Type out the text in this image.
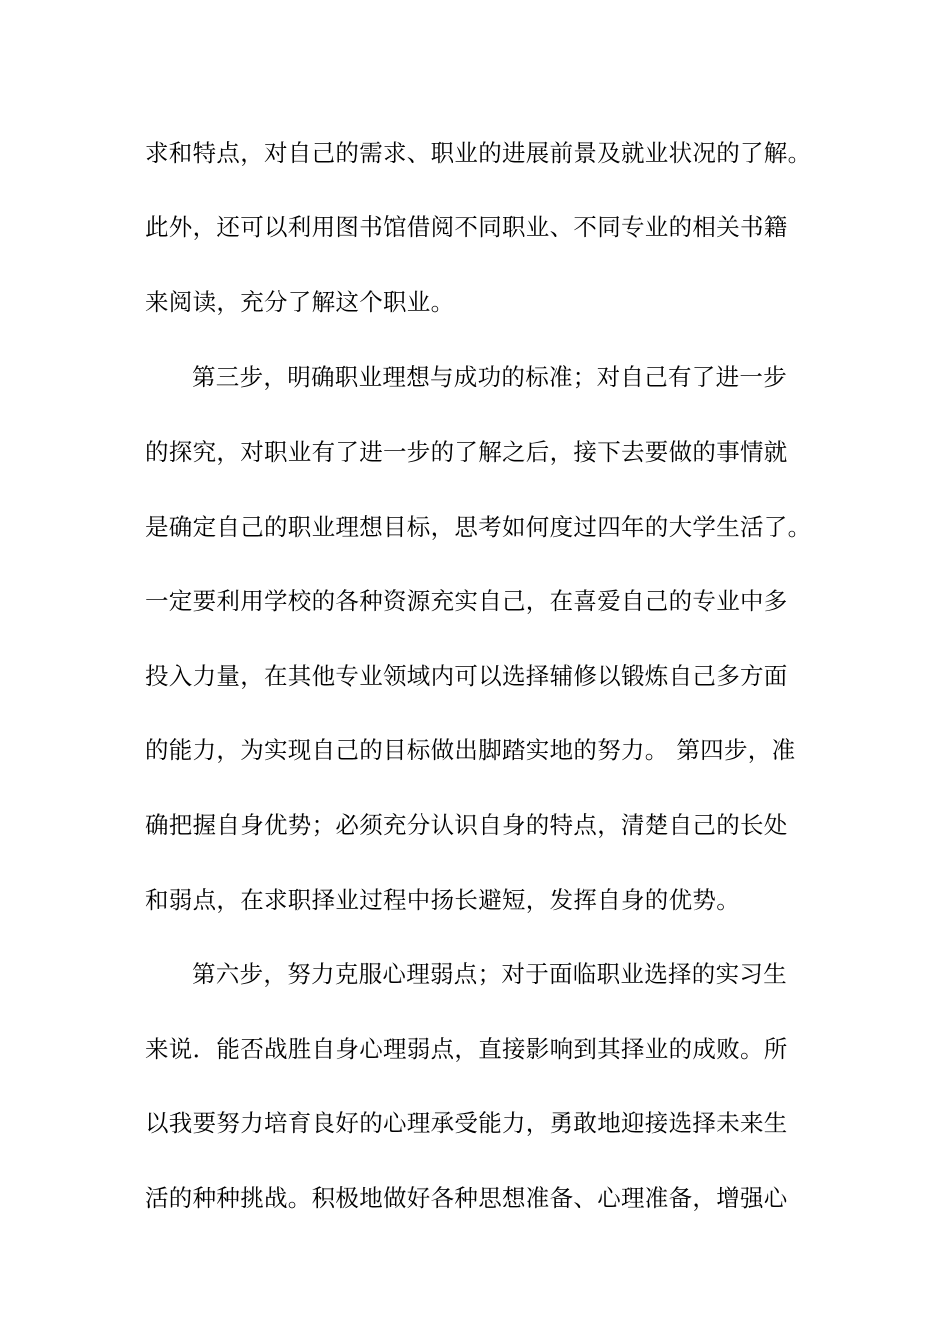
求和特点，对自己的需求、职业的进展前景及就业状况的了解。
此外，还可以利用图书馆借阅不同职业、不同专业的相关书籍
来阅读，充分了解这个职业。
第三步，明确职业理想与成功的标准；对自己有了进一步
的探究，对职业有了进一步的了解之后，接下去要做的事情就
是确定自己的职业理想目标，思考如何度过四年的大学生活了。
一定要利用学校的各种资源充实自己，在喜爱自己的专业中多
投入力量，在其他专业领域内可以选择辅修以锻炼自己多方面
的能力，为实现自己的目标做出脚踏实地的努力。 第四步，准
确把握自身优势；必须充分认识自身的特点，清楚自己的长处
和弱点，在求职择业过程中扬长避短，发挥自身的优势。
第六步，努力克服心理弱点；对于面临职业选择的实习生
来说．能否战胜自身心理弱点，直接影响到其择业的成败。所
以我要努力培育良好的心理承受能力，勇敢地迎接选择未来生
活的种种挑战。积极地做好各种思想准备、心理准备，增强心
